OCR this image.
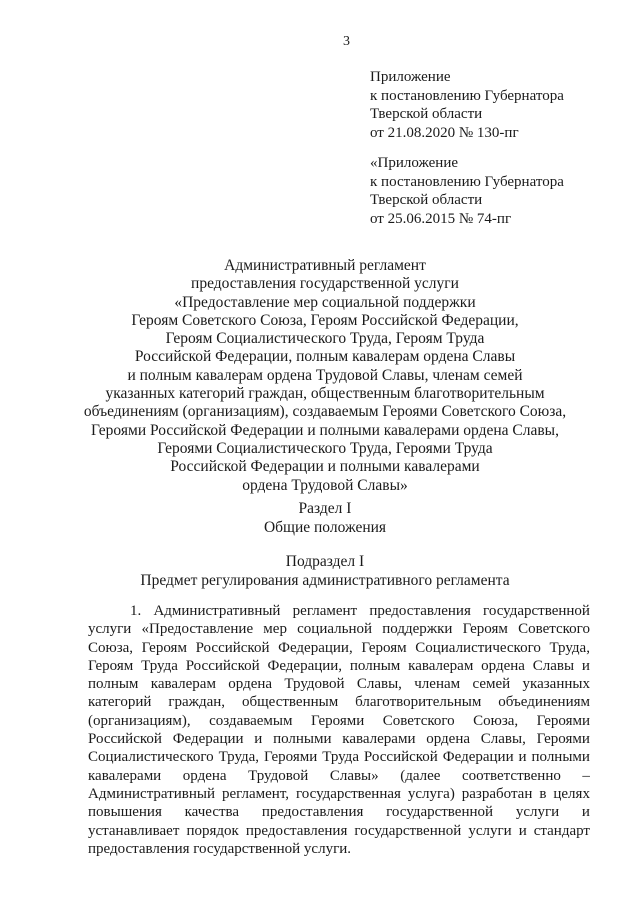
3
Приложение
к постановлению Губернатора
Тверской области
от 21.08.2020 № 130-пг
«Приложение
к постановлению Губернатора
Тверской области
от 25.06.2015 № 74-пг
Административный регламент
предоставления государственной услуги
«Предоставление мер социальной поддержки
Героям Советского Союза, Героям Российской Федерации,
Героям Социалистического Труда, Героям Труда
Российской Федерации, полным кавалерам ордена Славы
и полным кавалерам ордена Трудовой Славы, членам семей
указанных категорий граждан, общественным благотворительным
объединениям (организациям), создаваемым Героями Советского Союза,
Героями Российской Федерации и полными кавалерами ордена Славы,
Героями Социалистического Труда, Героями Труда
Российской Федерации и полными кавалерами
ордена Трудовой Славы»
Раздел I
Общие положения
Подраздел I
Предмет регулирования административного регламента
1. Административный регламент предоставления государственной
услуги «Предоставление мер социальной поддержки Героям Советского
Союза, Героям Российской Федерации, Героям Социалистического Труда,
Героям Труда Российской Федерации, полным кавалерам ордена Славы и
полным кавалерам ордена Трудовой Славы, членам семей указанных
категорий граждан, общественным благотворительным объединениям
(организациям), создаваемым Героями Советского Союза, Героями
Российской Федерации и полными кавалерами ордена Славы, Героями
Социалистического Труда, Героями Труда Российской Федерации и полными
кавалерами ордена Трудовой Славы» (далее соответственно –
Административный регламент, государственная услуга) разработан в целях
повышения качества предоставления государственной услуги и
устанавливает порядок предоставления государственной услуги и стандарт
предоставления государственной услуги.
